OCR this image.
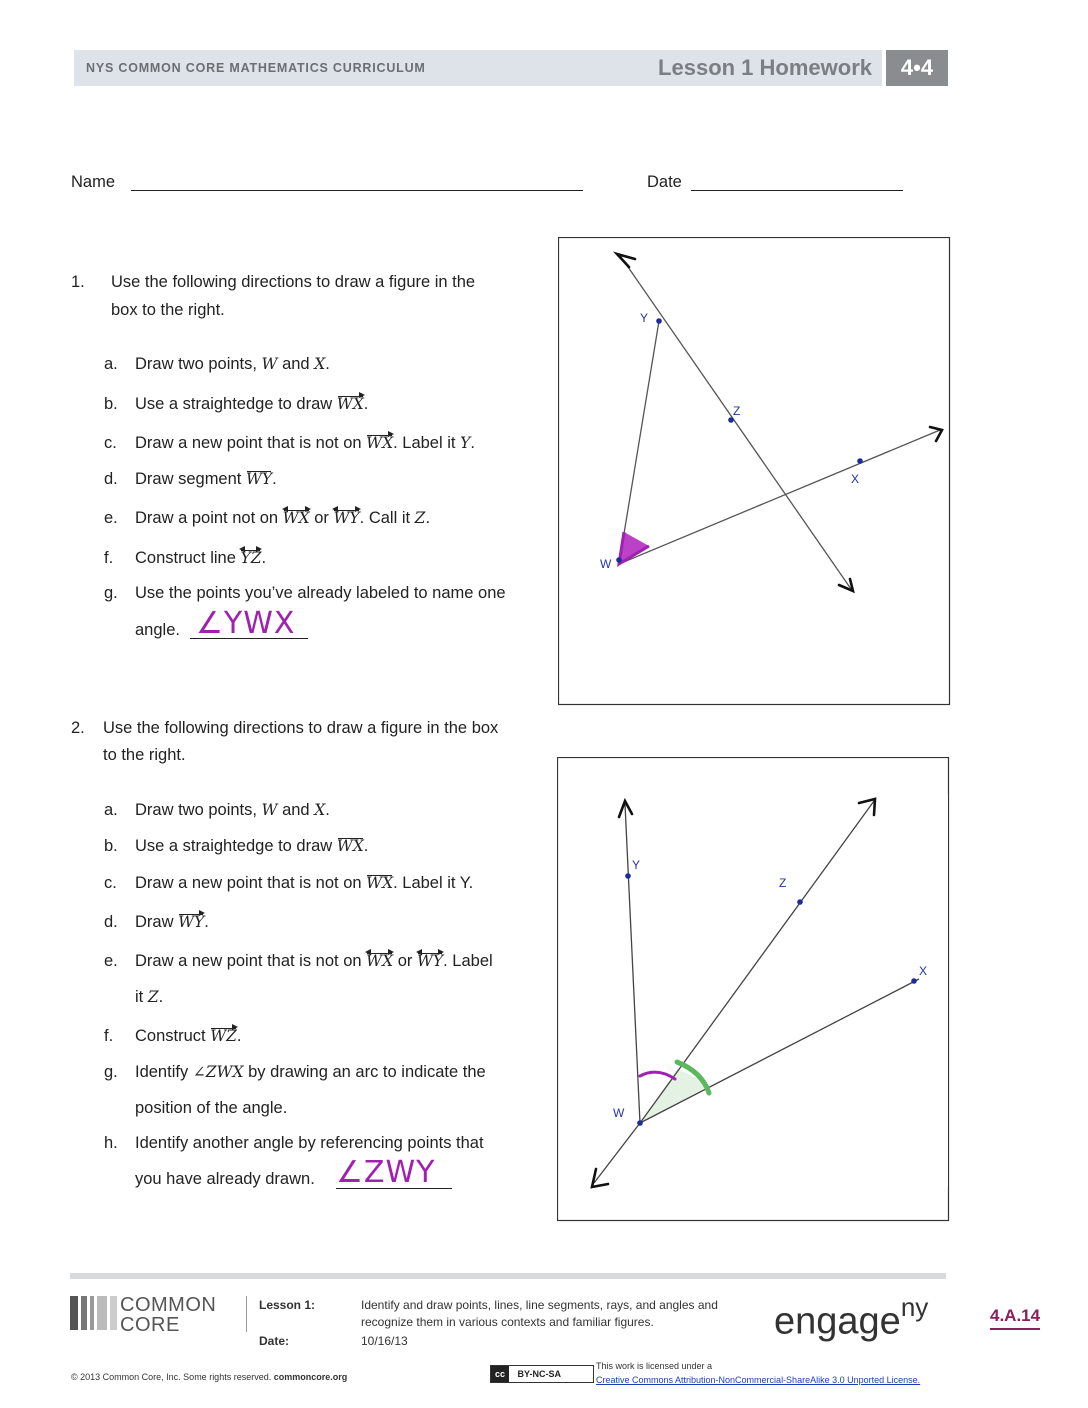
NYS COMMON CORE MATHEMATICS CURRICULUM	Lesson 1 Homework	4•4
Name	Date
1. Use the following directions to draw a figure in the
box to the right.
a. Draw two points, W and X.
b. Use a straightedge to draw WX.
c. Draw a new point that is not on WX. Label it Y.
d. Draw segment WY.
e. Draw a point not on
WX or
WY. Call it Z.
f. Construct line
YZ.
g. Use the points you’ve already labeled to name one
angle. ∠YWX
Y
Z
X
W
2. Use the following directions to draw a figure in the box
to the right.
a. Draw two points, W and X.
b. Use a straightedge to draw WX.
c. Draw a new point that is not on WX. Label it Y.
d. Draw WY.
e. Draw a new point that is not on
WX or
WY. Label
it Z.
f. Construct WZ.
g. Identify ∠ZWX by drawing an arc to indicate the
position of the angle.
h. Identify another angle by referencing points that
you have already drawn. ∠ZWY
Y
Z
X
W
COMMON
CORE
Lesson 1:
Date:
Identify and draw points, lines, line segments, rays, and angles and
recognize them in various contexts and familiar figures.
10/16/13	engage$^{ny}$	4.A.14
© 2013 Common Core, Inc. Some rights reserved. commoncore.org	cc BY-NC-SA
This work is licensed under a
Creative Commons Attribution-NonCommercial-ShareAlike 3.0 Unported License.
